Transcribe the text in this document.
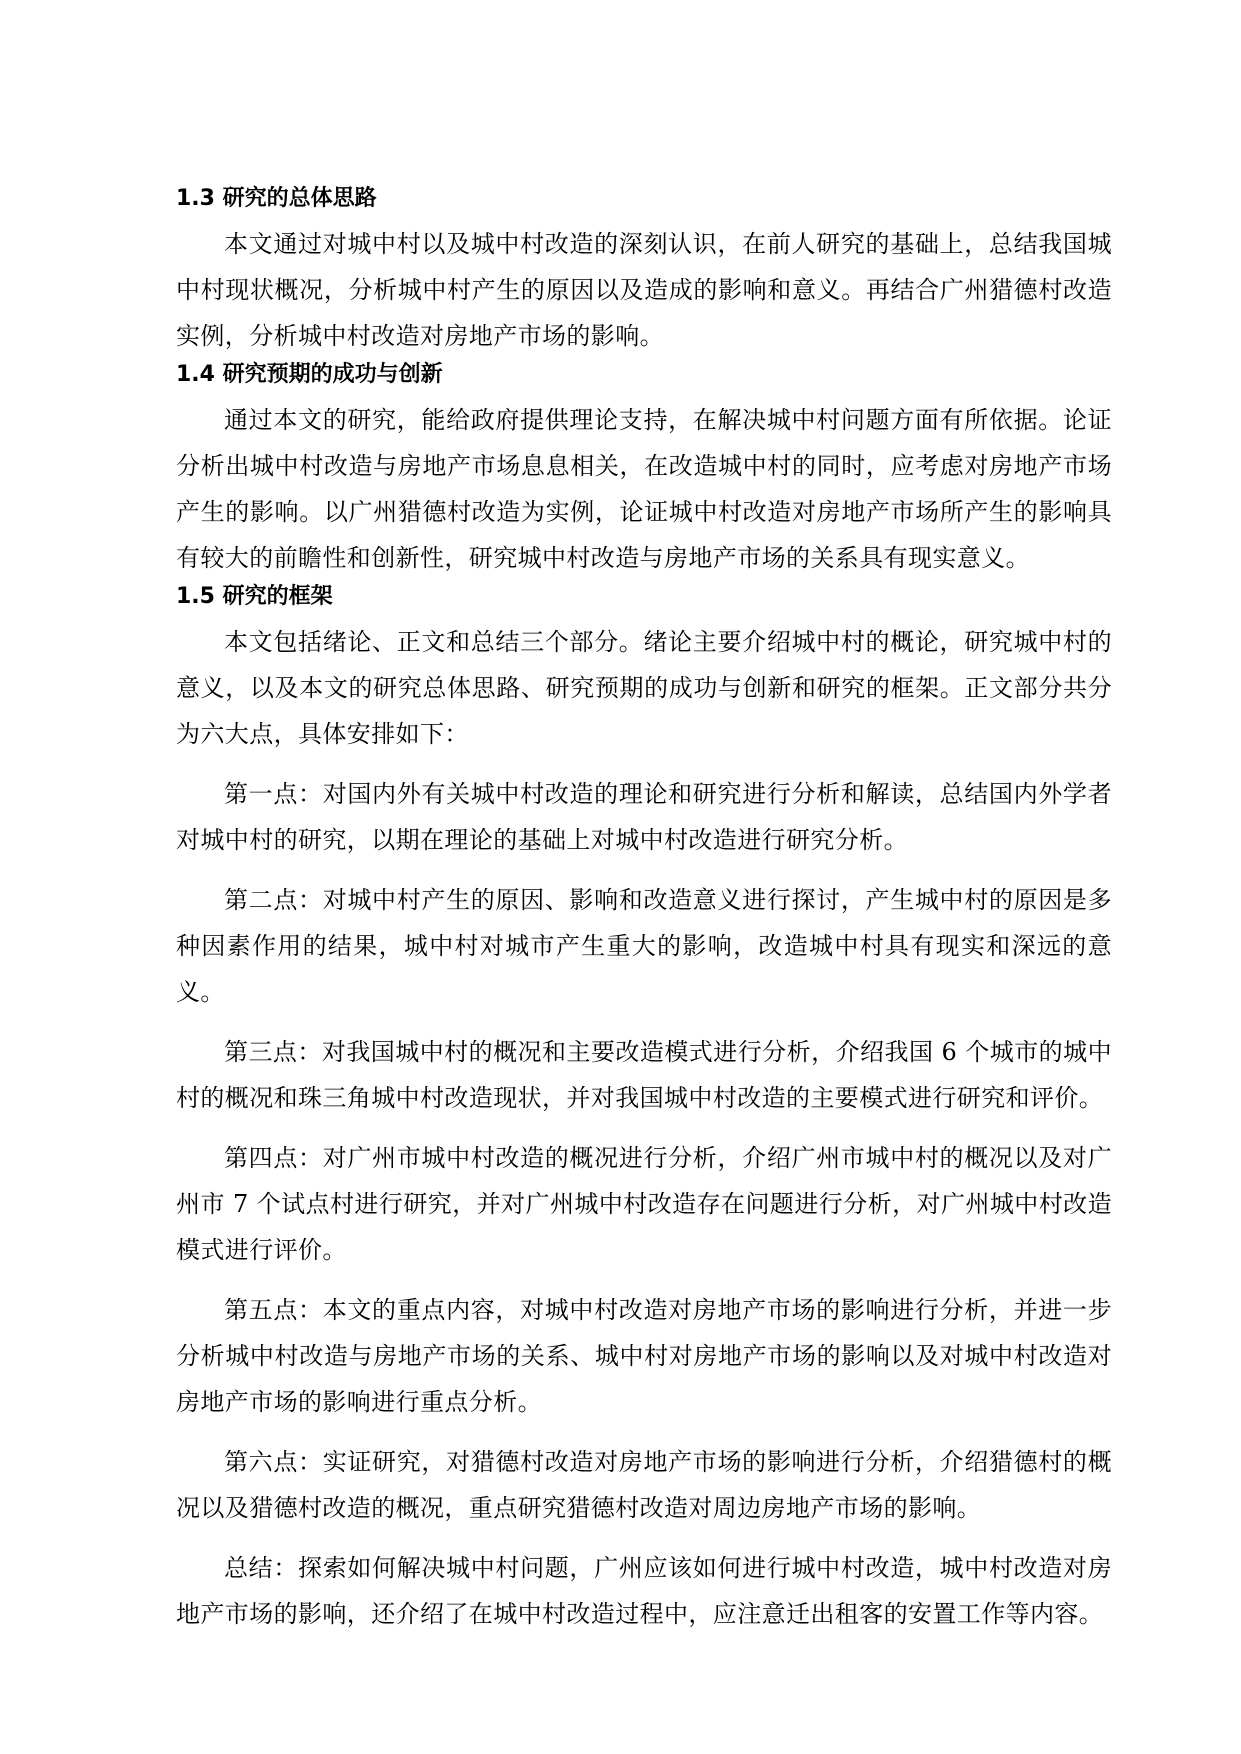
1.3 研究的总体思路

本文通过对城中村以及城中村改造的深刻认识，在前人研究的基础上，总结我国城中村现状概况，分析城中村产生的原因以及造成的影响和意义。再结合广州猎德村改造实例，分析城中村改造对房地产市场的影响。

1.4 研究预期的成功与创新

通过本文的研究，能给政府提供理论支持，在解决城中村问题方面有所依据。论证分析出城中村改造与房地产市场息息相关，在改造城中村的同时，应考虑对房地产市场产生的影响。以广州猎德村改造为实例，论证城中村改造对房地产市场所产生的影响具有较大的前瞻性和创新性，研究城中村改造与房地产市场的关系具有现实意义。

1.5 研究的框架

本文包括绪论、正文和总结三个部分。绪论主要介绍城中村的概论，研究城中村的意义，以及本文的研究总体思路、研究预期的成功与创新和研究的框架。正文部分共分为六大点，具体安排如下：

第一点：对国内外有关城中村改造的理论和研究进行分析和解读，总结国内外学者对城中村的研究，以期在理论的基础上对城中村改造进行研究分析。

第二点：对城中村产生的原因、影响和改造意义进行探讨，产生城中村的原因是多种因素作用的结果，城中村对城市产生重大的影响，改造城中村具有现实和深远的意义。

第三点：对我国城中村的概况和主要改造模式进行分析，介绍我国 6 个城市的城中村的概况和珠三角城中村改造现状，并对我国城中村改造的主要模式进行研究和评价。

第四点：对广州市城中村改造的概况进行分析，介绍广州市城中村的概况以及对广州市 7 个试点村进行研究，并对广州城中村改造存在问题进行分析，对广州城中村改造模式进行评价。

第五点：本文的重点内容，对城中村改造对房地产市场的影响进行分析，并进一步分析城中村改造与房地产市场的关系、城中村对房地产市场的影响以及对城中村改造对房地产市场的影响进行重点分析。

第六点：实证研究，对猎德村改造对房地产市场的影响进行分析，介绍猎德村的概况以及猎德村改造的概况，重点研究猎德村改造对周边房地产市场的影响。

总结：探索如何解决城中村问题，广州应该如何进行城中村改造，城中村改造对房地产市场的影响，还介绍了在城中村改造过程中，应注意迁出租客的安置工作等内容。
